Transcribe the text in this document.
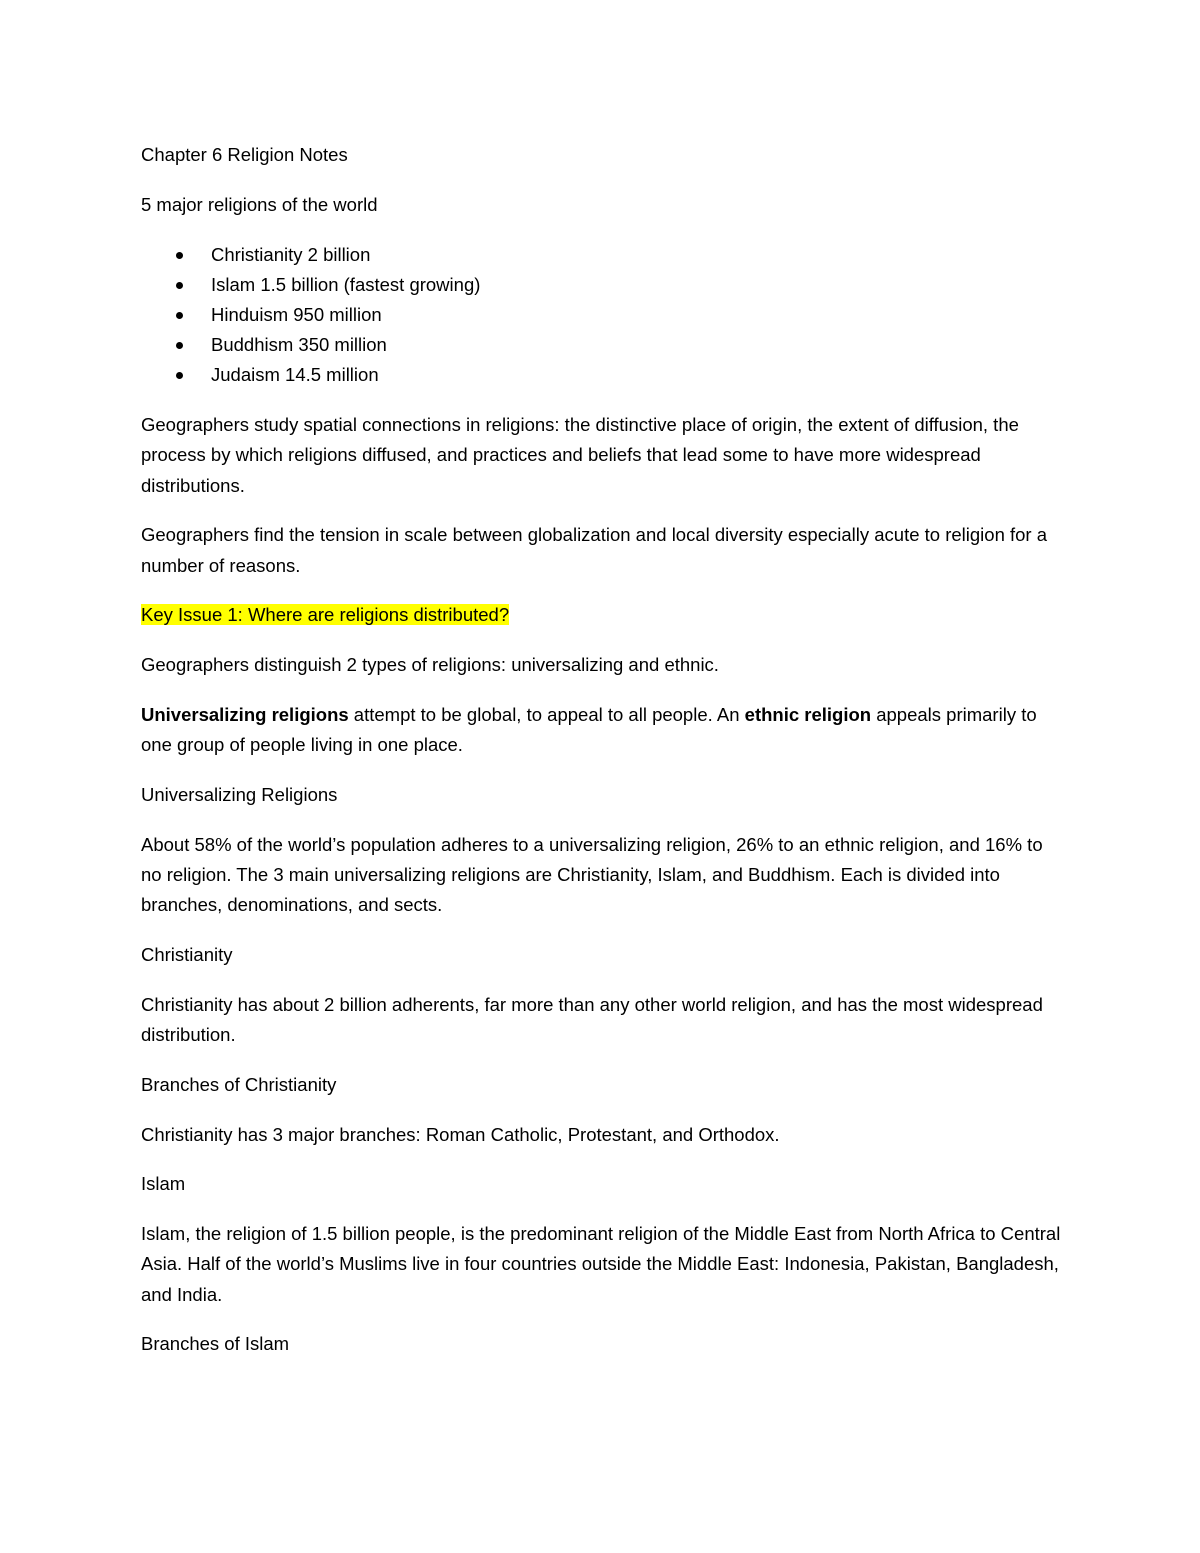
Chapter 6 Religion Notes

5 major religions of the world

Christianity 2 billion
Islam 1.5 billion (fastest growing)
Hinduism 950 million
Buddhism 350 million
Judaism 14.5 million

Geographers study spatial connections in religions: the distinctive place of origin, the extent of diffusion, the process by which religions diffused, and practices and beliefs that lead some to have more widespread distributions.

Geographers find the tension in scale between globalization and local diversity especially acute to religion for a number of reasons.

Key Issue 1: Where are religions distributed?

Geographers distinguish 2 types of religions: universalizing and ethnic.

Universalizing religions attempt to be global, to appeal to all people. An ethnic religion appeals primarily to one group of people living in one place.

Universalizing Religions

About 58% of the world’s population adheres to a universalizing religion, 26% to an ethnic religion, and 16% to no religion. The 3 main universalizing religions are Christianity, Islam, and Buddhism. Each is divided into branches, denominations, and sects.

Christianity

Christianity has about 2 billion adherents, far more than any other world religion, and has the most widespread distribution.

Branches of Christianity

Christianity has 3 major branches: Roman Catholic, Protestant, and Orthodox.

Islam

Islam, the religion of 1.5 billion people, is the predominant religion of the Middle East from North Africa to Central Asia. Half of the world’s Muslims live in four countries outside the Middle East: Indonesia, Pakistan, Bangladesh, and India.

Branches of Islam
